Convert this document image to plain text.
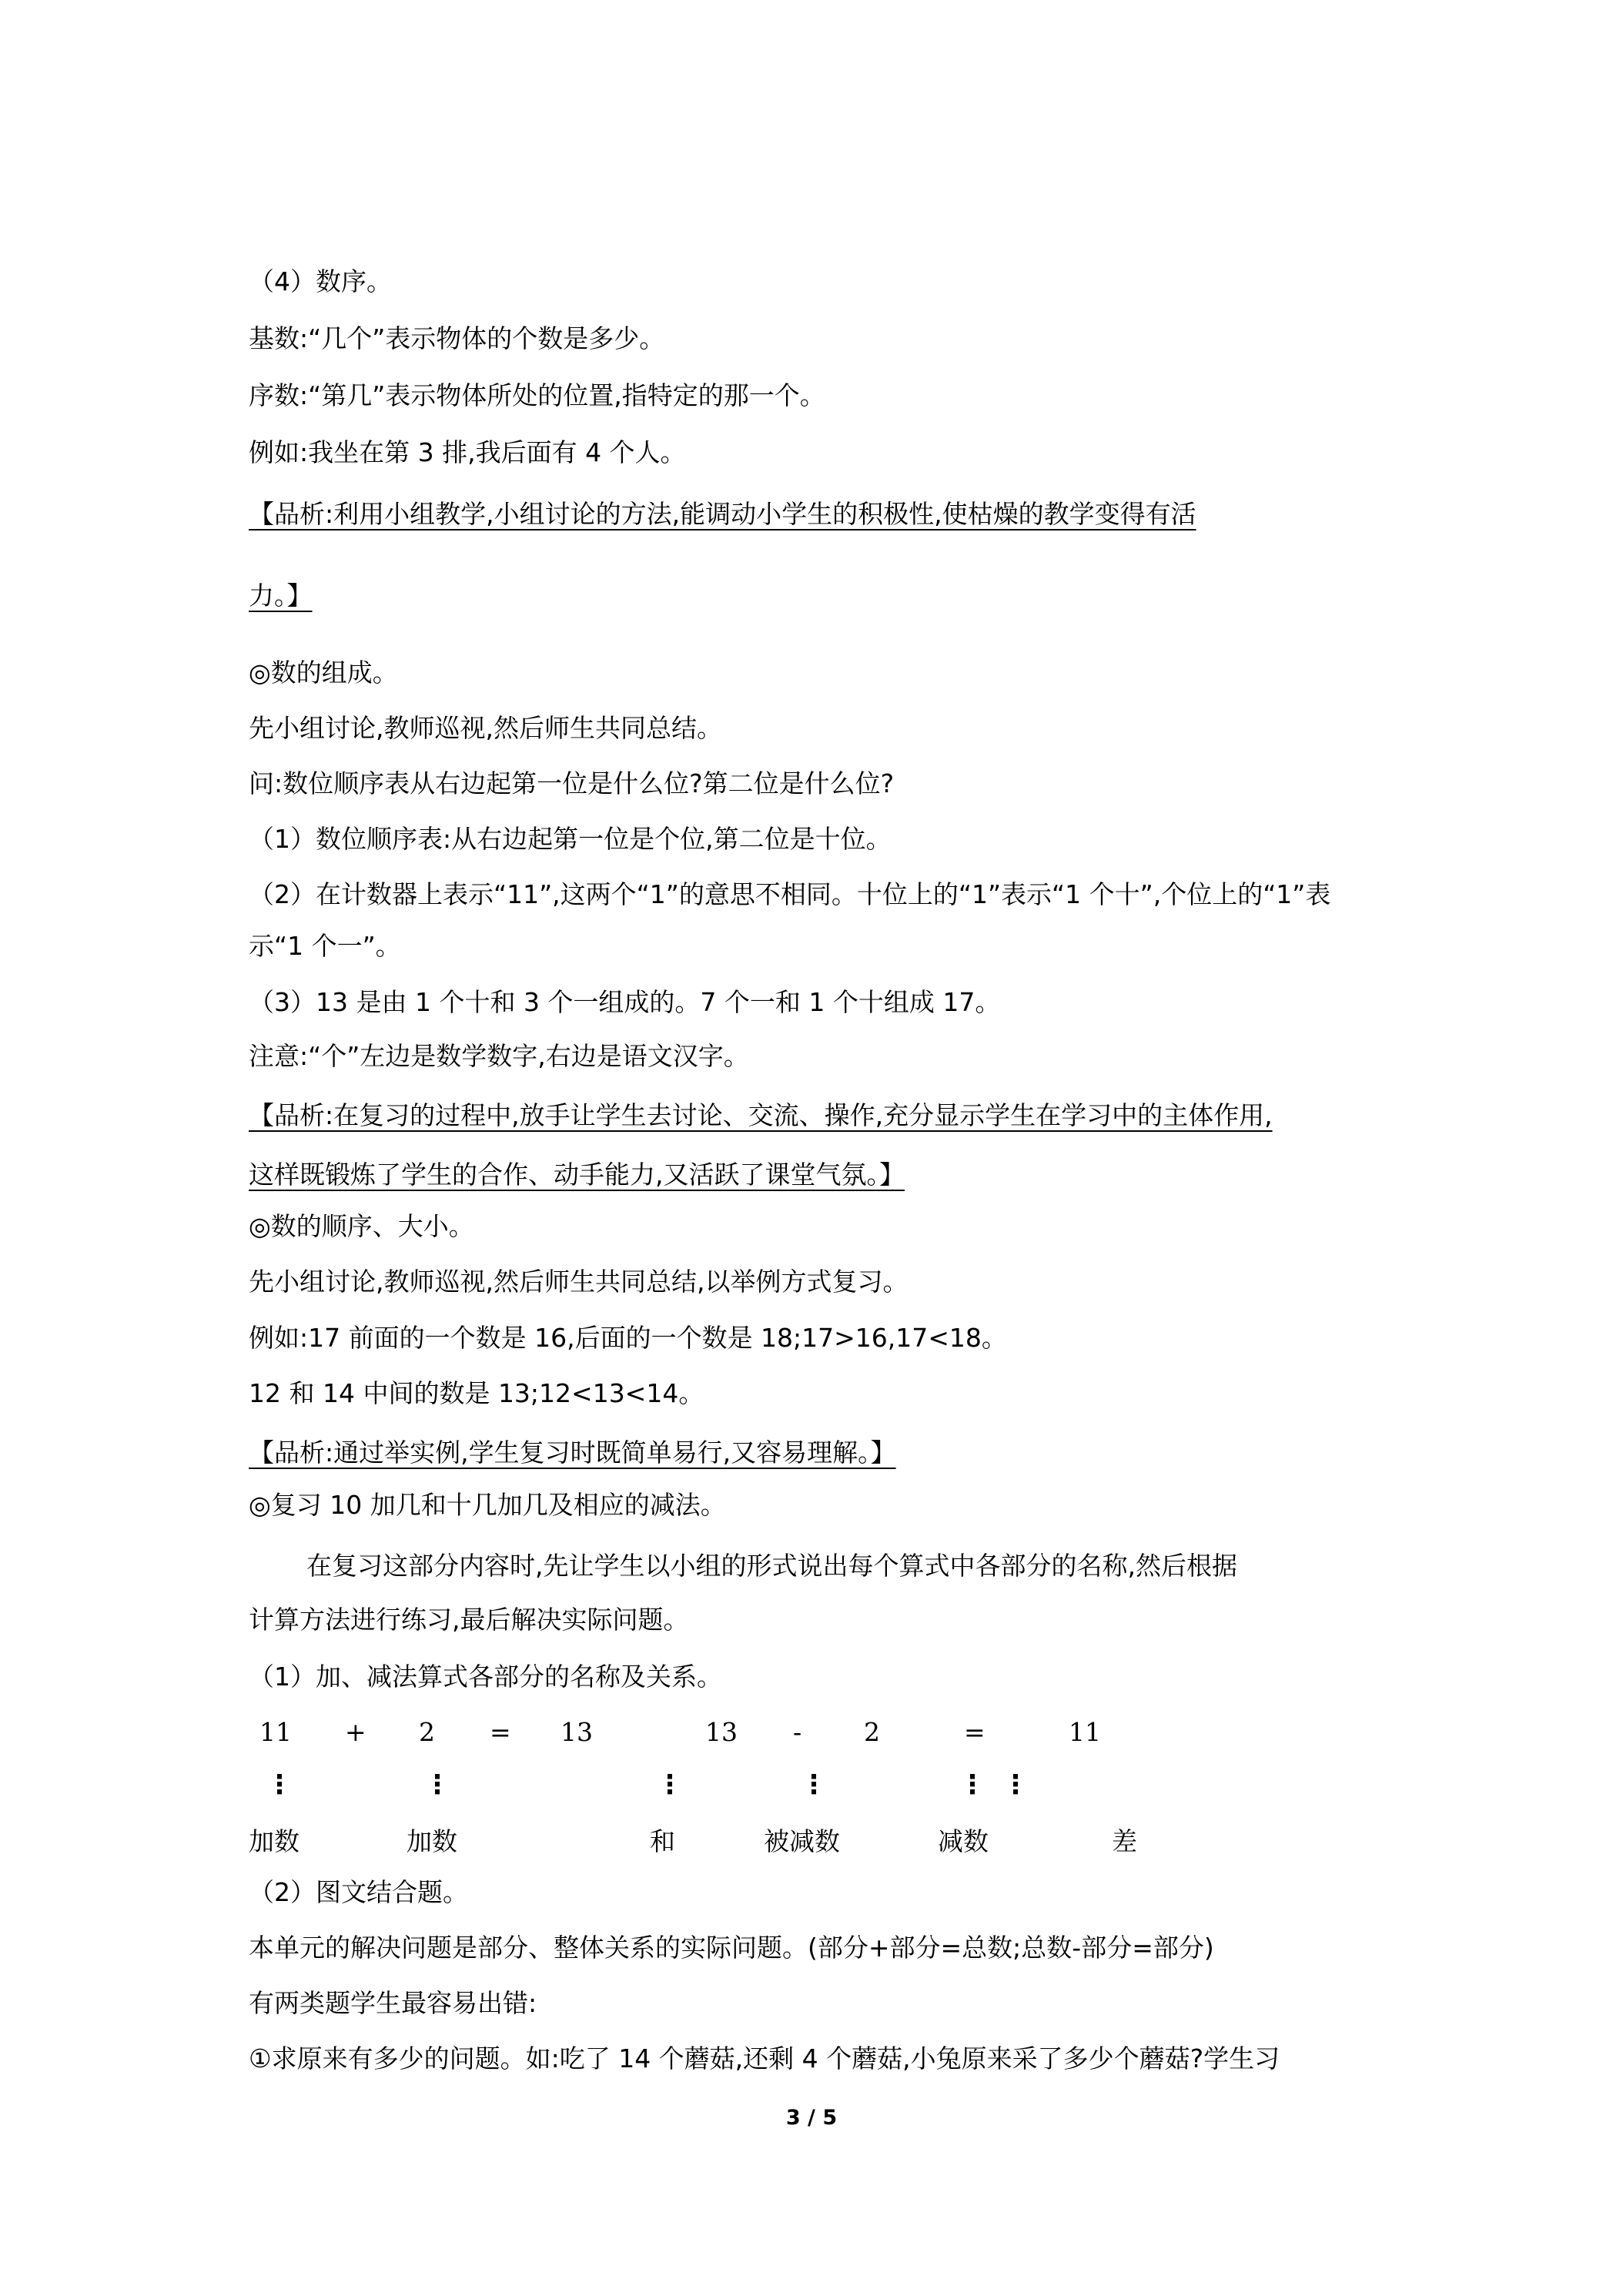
（4）数序。

基数:“几个”表示物体的个数是多少。

序数:“第几”表示物体所处的位置,指特定的那一个。

例如:我坐在第 3 排,我后面有 4 个人。

【品析:利用小组教学,小组讨论的方法,能调动小学生的积极性,使枯燥的教学变得有活

力。】

◎数的组成。

先小组讨论,教师巡视,然后师生共同总结。

问:数位顺序表从右边起第一位是什么位?第二位是什么位?

（1）数位顺序表:从右边起第一位是个位,第二位是十位。

（2）在计数器上表示“11”,这两个“1”的意思不相同。十位上的“1”表示“1 个十”,个位上的“1”表

示“1 个一”。

（3）13 是由 1 个十和 3 个一组成的。7 个一和 1 个十组成 17。

注意:“个”左边是数学数字,右边是语文汉字。

【品析:在复习的过程中,放手让学生去讨论、交流、操作,充分显示学生在学习中的主体作用,

这样既锻炼了学生的合作、动手能力,又活跃了课堂气氛。】

◎数的顺序、大小。

先小组讨论,教师巡视,然后师生共同总结,以举例方式复习。

例如:17 前面的一个数是 16,后面的一个数是 18;17>16,17<18。

12 和 14 中间的数是 13;12<13<14。

【品析:通过举实例,学生复习时既简单易行,又容易理解。】

◎复习 10 加几和十几加几及相应的减法。

在复习这部分内容时,先让学生以小组的形式说出每个算式中各部分的名称,然后根据

计算方法进行练习,最后解决实际问题。

（1）加、减法算式各部分的名称及关系。

11 + 2 = 13	13 - 2	=	11
⋮	⋮	⋮	⋮	⋮ ⋮
加数	加数	和	被减数	减数	差

（2）图文结合题。

本单元的解决问题是部分、整体关系的实际问题。(部分+部分=总数;总数-部分=部分)

有两类题学生最容易出错:

①求原来有多少的问题。如:吃了 14 个蘑菇,还剩 4 个蘑菇,小兔原来采了多少个蘑菇?学生习

3 / 5
